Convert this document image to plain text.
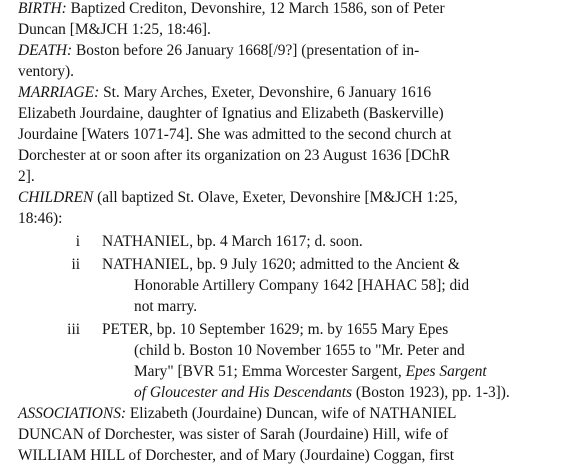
BIRTH: Baptized Crediton, Devonshire, 12 March 1586, son of Peter
Duncan [M&JCH 1:25, 18:46].
DEATH: Boston before 26 January 1668[/9?] (presentation of in-
ventory).
MARRIAGE: St. Mary Arches, Exeter, Devonshire, 6 January 1616
Elizabeth Jourdaine, daughter of Ignatius and Elizabeth (Baskerville)
Jourdaine [Waters 1071-74]. She was admitted to the second church at
Dorchester at or soon after its organization on 23 August 1636 [DChR
2].
CHILDREN (all baptized St. Olave, Exeter, Devonshire [M&JCH 1:25,
18:46):
i NATHANIEL, bp. 4 March 1617; d. soon.
ii NATHANIEL, bp. 9 July 1620; admitted to the Ancient &
Honorable Artillery Company 1642 [HAHAC 58]; did
not marry.
iii PETER, bp. 10 September 1629; m. by 1655 Mary Epes
(child b. Boston 10 November 1655 to "Mr. Peter and
Mary" [BVR 51; Emma Worcester Sargent, Epes Sargent
of Gloucester and His Descendants (Boston 1923), pp. 1-3]).
ASSOCIATIONS: Elizabeth (Jourdaine) Duncan, wife of NATHANIEL
DUNCAN of Dorchester, was sister of Sarah (Jourdaine) Hill, wife of
WILLIAM HILL of Dorchester, and of Mary (Jourdaine) Coggan, first
